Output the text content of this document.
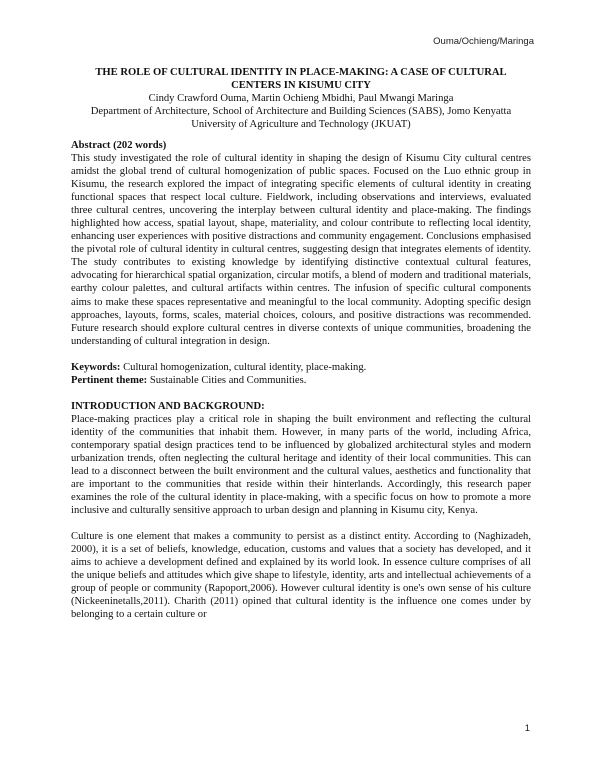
Ouma/Ochieng/Maringa
THE ROLE OF CULTURAL IDENTITY IN PLACE-MAKING: A CASE OF CULTURAL CENTERS IN KISUMU CITY
Cindy Crawford Ouma, Martin Ochieng Mbidhi, Paul Mwangi Maringa
Department of Architecture, School of Architecture and Building Sciences (SABS), Jomo Kenyatta University of Agriculture and Technology (JKUAT)
Abstract (202 words)

This study investigated the role of cultural identity in shaping the design of Kisumu City cultural centres amidst the global trend of cultural homogenization of public spaces. Focused on the Luo ethnic group in Kisumu, the research explored the impact of integrating specific elements of cultural identity in creating functional spaces that respect local culture. Fieldwork, including observations and interviews, evaluated three cultural centres, uncovering the interplay between cultural identity and place-making. The findings highlighted how access, spatial layout, shape, materiality, and colour contribute to reflecting local identity, enhancing user experiences with positive distractions and community engagement. Conclusions emphasised the pivotal role of cultural identity in cultural centres, suggesting design that integrates elements of identity. The study contributes to existing knowledge by identifying distinctive contextual cultural features, advocating for hierarchical spatial organization, circular motifs, a blend of modern and traditional materials, earthy colour palettes, and cultural artifacts within centres. The infusion of specific cultural components aims to make these spaces representative and meaningful to the local community. Adopting specific design approaches, layouts, forms, scales, material choices, colours, and positive distractions was recommended. Future research should explore cultural centres in diverse contexts of unique communities, broadening the understanding of cultural integration in design.

Keywords: Cultural homogenization, cultural identity, place-making.

Pertinent theme: Sustainable Cities and Communities.

INTRODUCTION AND BACKGROUND:

Place-making practices play a critical role in shaping the built environment and reflecting the cultural identity of the communities that inhabit them. However, in many parts of the world, including Africa, contemporary spatial design practices tend to be influenced by globalized architectural styles and modern urbanization trends, often neglecting the cultural heritage and identity of their local communities. This can lead to a disconnect between the built environment and the cultural values, aesthetics and functionality that are important to the communities that reside within their hinterlands. Accordingly, this research paper examines the role of the cultural identity in place-making, with a specific focus on how to promote a more inclusive and culturally sensitive approach to urban design and planning in Kisumu city, Kenya.

Culture is one element that makes a community to persist as a distinct entity. According to (Naghizadeh, 2000), it is a set of beliefs, knowledge, education, customs and values that a society has developed, and it aims to achieve a development defined and explained by its world look. In essence culture comprises of all the unique beliefs and attitudes which give shape to lifestyle, identity, arts and intellectual achievements of a group of people or community (Rapoport,2006). However cultural identity is one's own sense of his culture (Nickeeninetalls,2011). Charith (2011) opined that cultural identity is the influence one comes under by belonging to a certain culture or

1
